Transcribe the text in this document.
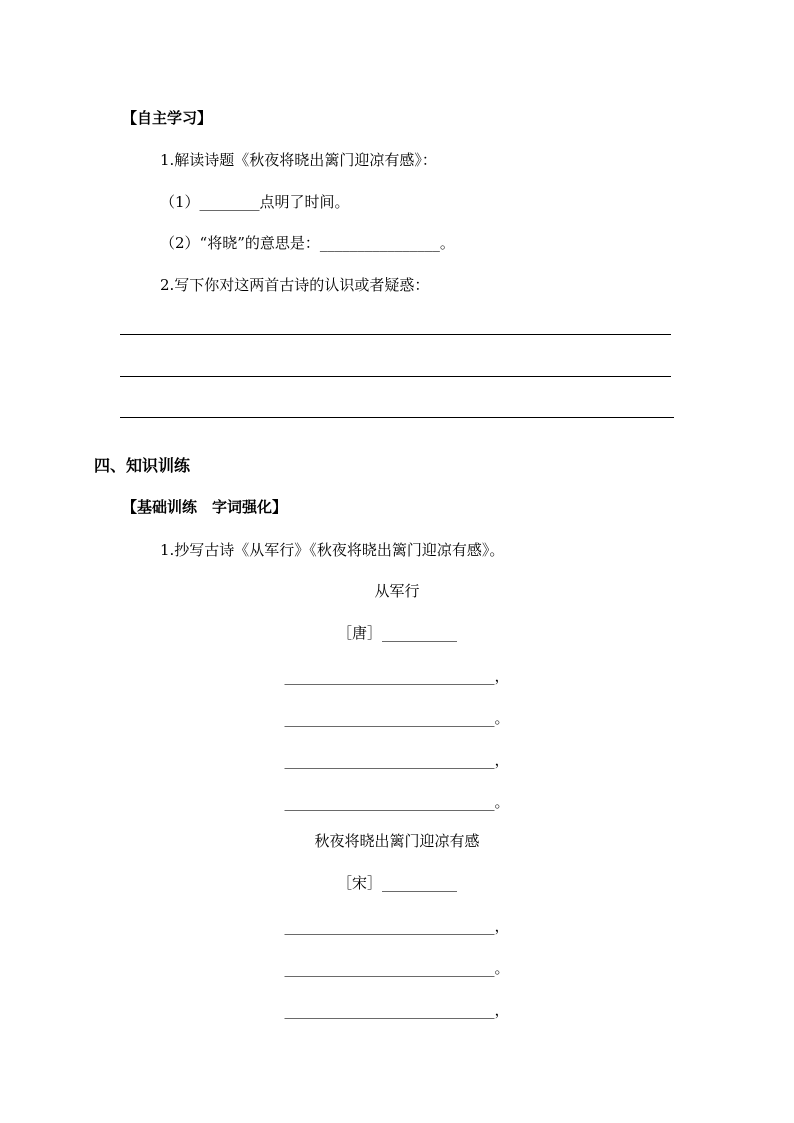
【自主学习】
1.解读诗题《秋夜将晓出篱门迎凉有感》：
（1）________点明了时间。
（2）“将晓”的意思是：________________。
2.写下你对这两首古诗的认识或者疑惑：
四、知识训练
【基础训练　字词强化】
1.抄写古诗《从军行》《秋夜将晓出篱门迎凉有感》。
从军行
［唐］__________
____________________________，
____________________________。
____________________________，
____________________________。
秋夜将晓出篱门迎凉有感
［宋］__________
____________________________，
____________________________。
____________________________，
